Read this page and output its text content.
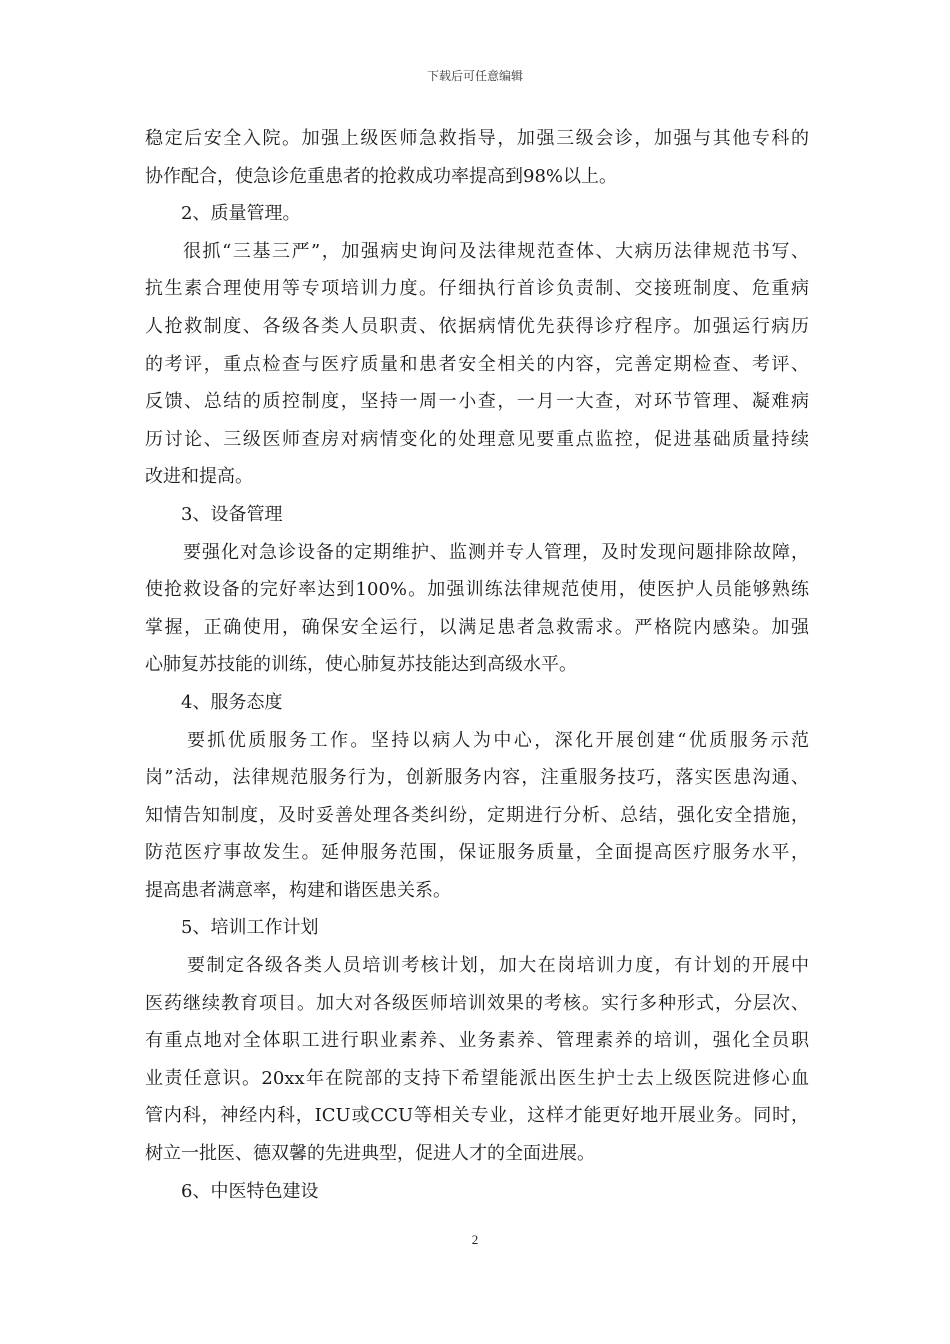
下载后可任意编辑
稳定后安全入院。加强上级医师急救指导，加强三级会诊，加强与其他专科的
协作配合，使急诊危重患者的抢救成功率提高到98%以上。
2、质量管理。
很抓“三基三严”，加强病史询问及法律规范查体、大病历法律规范书写、
抗生素合理使用等专项培训力度。仔细执行首诊负责制、交接班制度、危重病
人抢救制度、各级各类人员职责、依据病情优先获得诊疗程序。加强运行病历
的考评，重点检查与医疗质量和患者安全相关的内容，完善定期检查、考评、
反馈、总结的质控制度，坚持一周一小查，一月一大查，对环节管理、凝难病
历讨论、三级医师查房对病情变化的处理意见要重点监控，促进基础质量持续
改进和提高。
3、设备管理
要强化对急诊设备的定期维护、监测并专人管理，及时发现问题排除故障，
使抢救设备的完好率达到100%。加强训练法律规范使用，使医护人员能够熟练
掌握，正确使用，确保安全运行，以满足患者急救需求。严格院内感染。加强
心肺复苏技能的训练，使心肺复苏技能达到高级水平。
4、服务态度
要抓优质服务工作。坚持以病人为中心，深化开展创建“优质服务示范
岗”活动，法律规范服务行为，创新服务内容，注重服务技巧，落实医患沟通、
知情告知制度，及时妥善处理各类纠纷，定期进行分析、总结，强化安全措施，
防范医疗事故发生。延伸服务范围，保证服务质量，全面提高医疗服务水平，
提高患者满意率，构建和谐医患关系。
5、培训工作计划
要制定各级各类人员培训考核计划，加大在岗培训力度，有计划的开展中
医药继续教育项目。加大对各级医师培训效果的考核。实行多种形式，分层次、
有重点地对全体职工进行职业素养、业务素养、管理素养的培训，强化全员职
业责任意识。20xx年在院部的支持下希望能派出医生护士去上级医院进修心血
管内科，神经内科，ICU或CCU等相关专业，这样才能更好地开展业务。同时，
树立一批医、德双馨的先进典型，促进人才的全面进展。
6、中医特色建设
2
